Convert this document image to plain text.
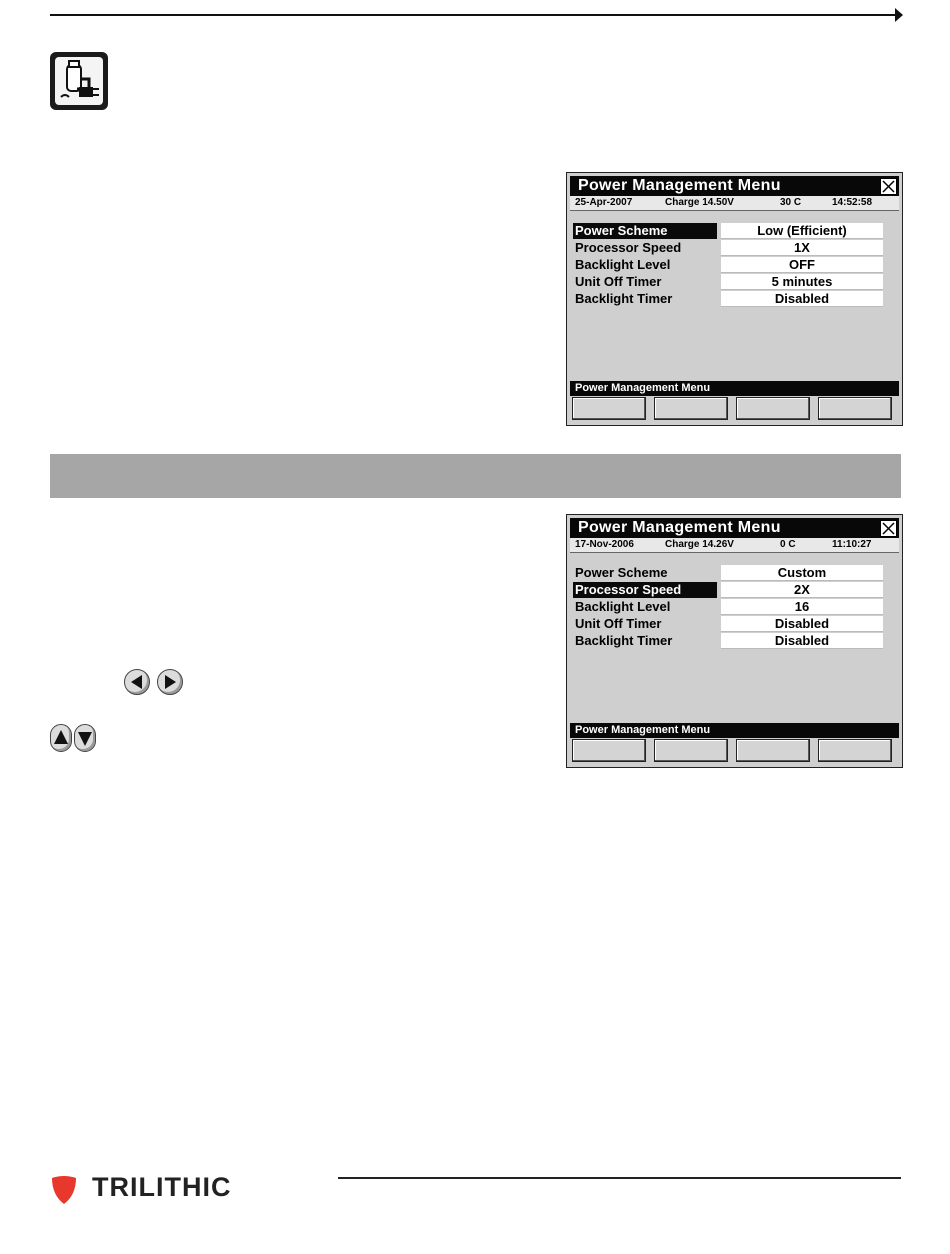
Power Management Menu
25-Apr-2007	Charge 14.50V	30 C	14:52:58
Power Scheme	Low (Efficient)
Processor Speed	1X
Backlight Level	OFF
Unit Off Timer	5 minutes
Backlight Timer	Disabled
Power Management Menu
Power Management Menu
17-Nov-2006	Charge 14.26V	0 C	11:10:27
Power Scheme	Custom
Processor Speed	2X
Backlight Level	16
Unit Off Timer	Disabled
Backlight Timer	Disabled
Power Management Menu
TRILITHIC
